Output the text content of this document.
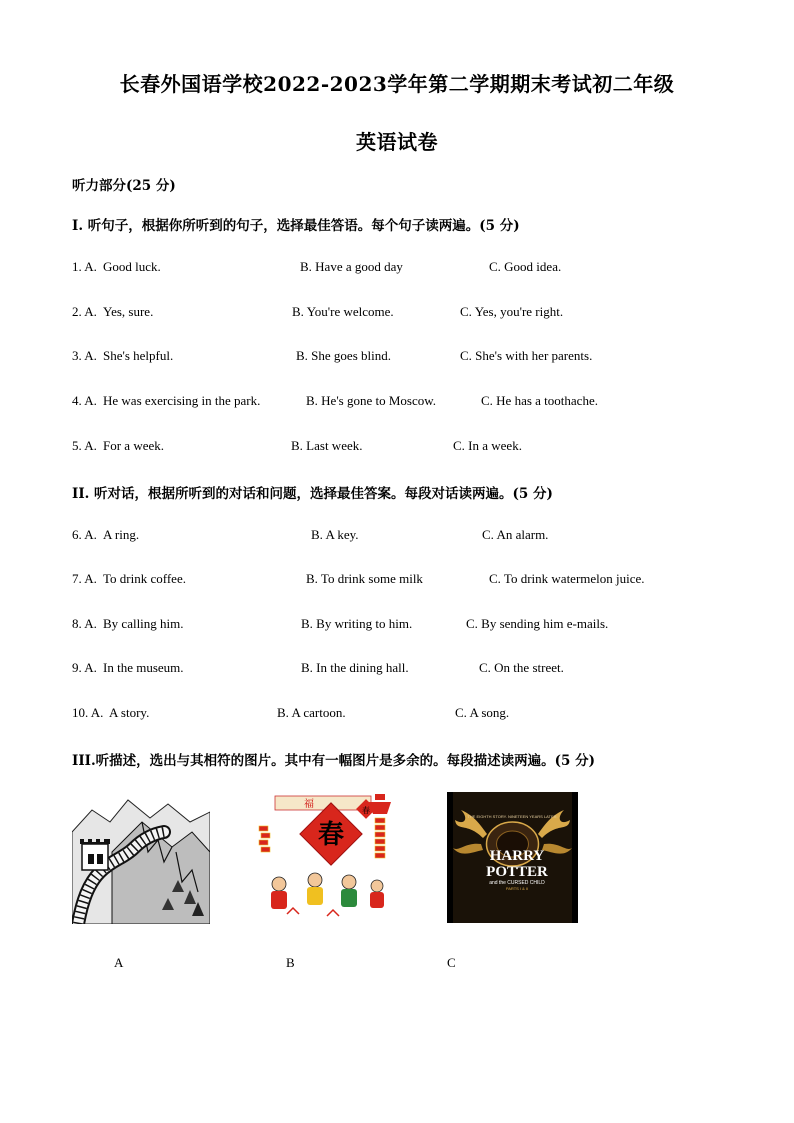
长春外国语学校2022-2023学年第二学期期末考试初二年级
英语试卷
听力部分(25 分)
I. 听句子，根据你所听到的句子，选择最佳答语。每个句子读两遍。(5 分)
1. A. Good luck.	B. Have a good day	C. Good idea.
2. A. Yes, sure.	B. You're welcome.	C. Yes, you're right.
3. A. She's helpful.	B. She goes blind.	C. She's with her parents.
4. A. He was exercising in the park.	B. He's gone to Moscow.	C. He has a toothache.
5. A. For a week.	B. Last week.	C. In a week.
II. 听对话，根据所听到的对话和问题，选择最佳答案。每段对话读两遍。(5 分)
6. A. A ring.	B. A key.	C. An alarm.
7. A. To drink coffee.	B. To drink some milk	C. To drink watermelon juice.
8. A. By calling him.	B. By writing to him.	C. By sending him e-mails.
9. A. In the museum.	B. In the dining hall.	C. On the street.
10. A. A story.	B. A cartoon.	C. A song.
III.听描述，选出与其相符的图片。其中有一幅图片是多余的。每段描述读两遍。(5 分)
春
福
春
THE EIGHTH STORY. NINETEEN YEARS LATER.
HARRY
POTTER
and the CURSED CHILD
PARTS I & II
A	B	C
